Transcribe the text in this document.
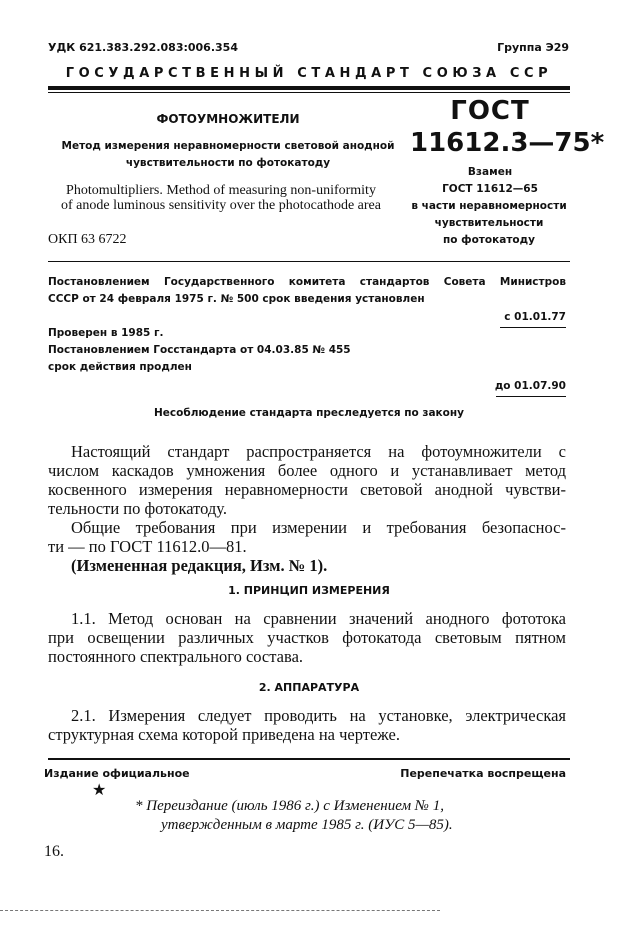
УДК 621.383.292.083:006.354	Группа Э29
ГОСУДАРСТВЕННЫЙ СТАНДАРТ СОЮЗА ССР
ФОТОУМНОЖИТЕЛИ
Метод измерения неравномерности световой анодной
чувствительности по фотокатоду
Photomultipliers. Method of measuring non-uniformity
of anode luminous sensitivity over the photocathode area
ОКП 63 6722
ГОСТ
11612.3—75*
Взамен
ГОСТ 11612—65
в части неравномерности
чувствительности
по фотокатоду
Постановлением Государственного комитета стандартов Совета Министров
СССР от 24 февраля 1975 г. № 500 срок введения установлен
с 01.01.77
Проверен в 1985 г.
Постановлением Госстандарта от 04.03.85 № 455
срок действия продлен
до 01.07.90
Несоблюдение стандарта преследуется по закону
Настоящий стандарт распространяется на фотоумножители с
числом каскадов умножения более одного и устанавливает метод
косвенного измерения неравномерности световой анодной чувстви-
тельности по фотокатоду.
Общие требования при измерении и требования безопаснос-
ти — по ГОСТ 11612.0—81.
(Измененная редакция, Изм. № 1).
1. ПРИНЦИП ИЗМЕРЕНИЯ
1.1. Метод основан на сравнении значений анодного фототока
при освещении различных участков фотокатода световым пятном
постоянного спектрального состава.
2. АППАРАТУРА
2.1. Измерения следует проводить на установке, электрическая
структурная схема которой приведена на чертеже.
Издание официальное	Перепечатка воспрещена
★
* Переиздание (июль 1986 г.) с Изменением № 1,
утвержденным в марте 1985 г. (ИУС 5—85).
16.
